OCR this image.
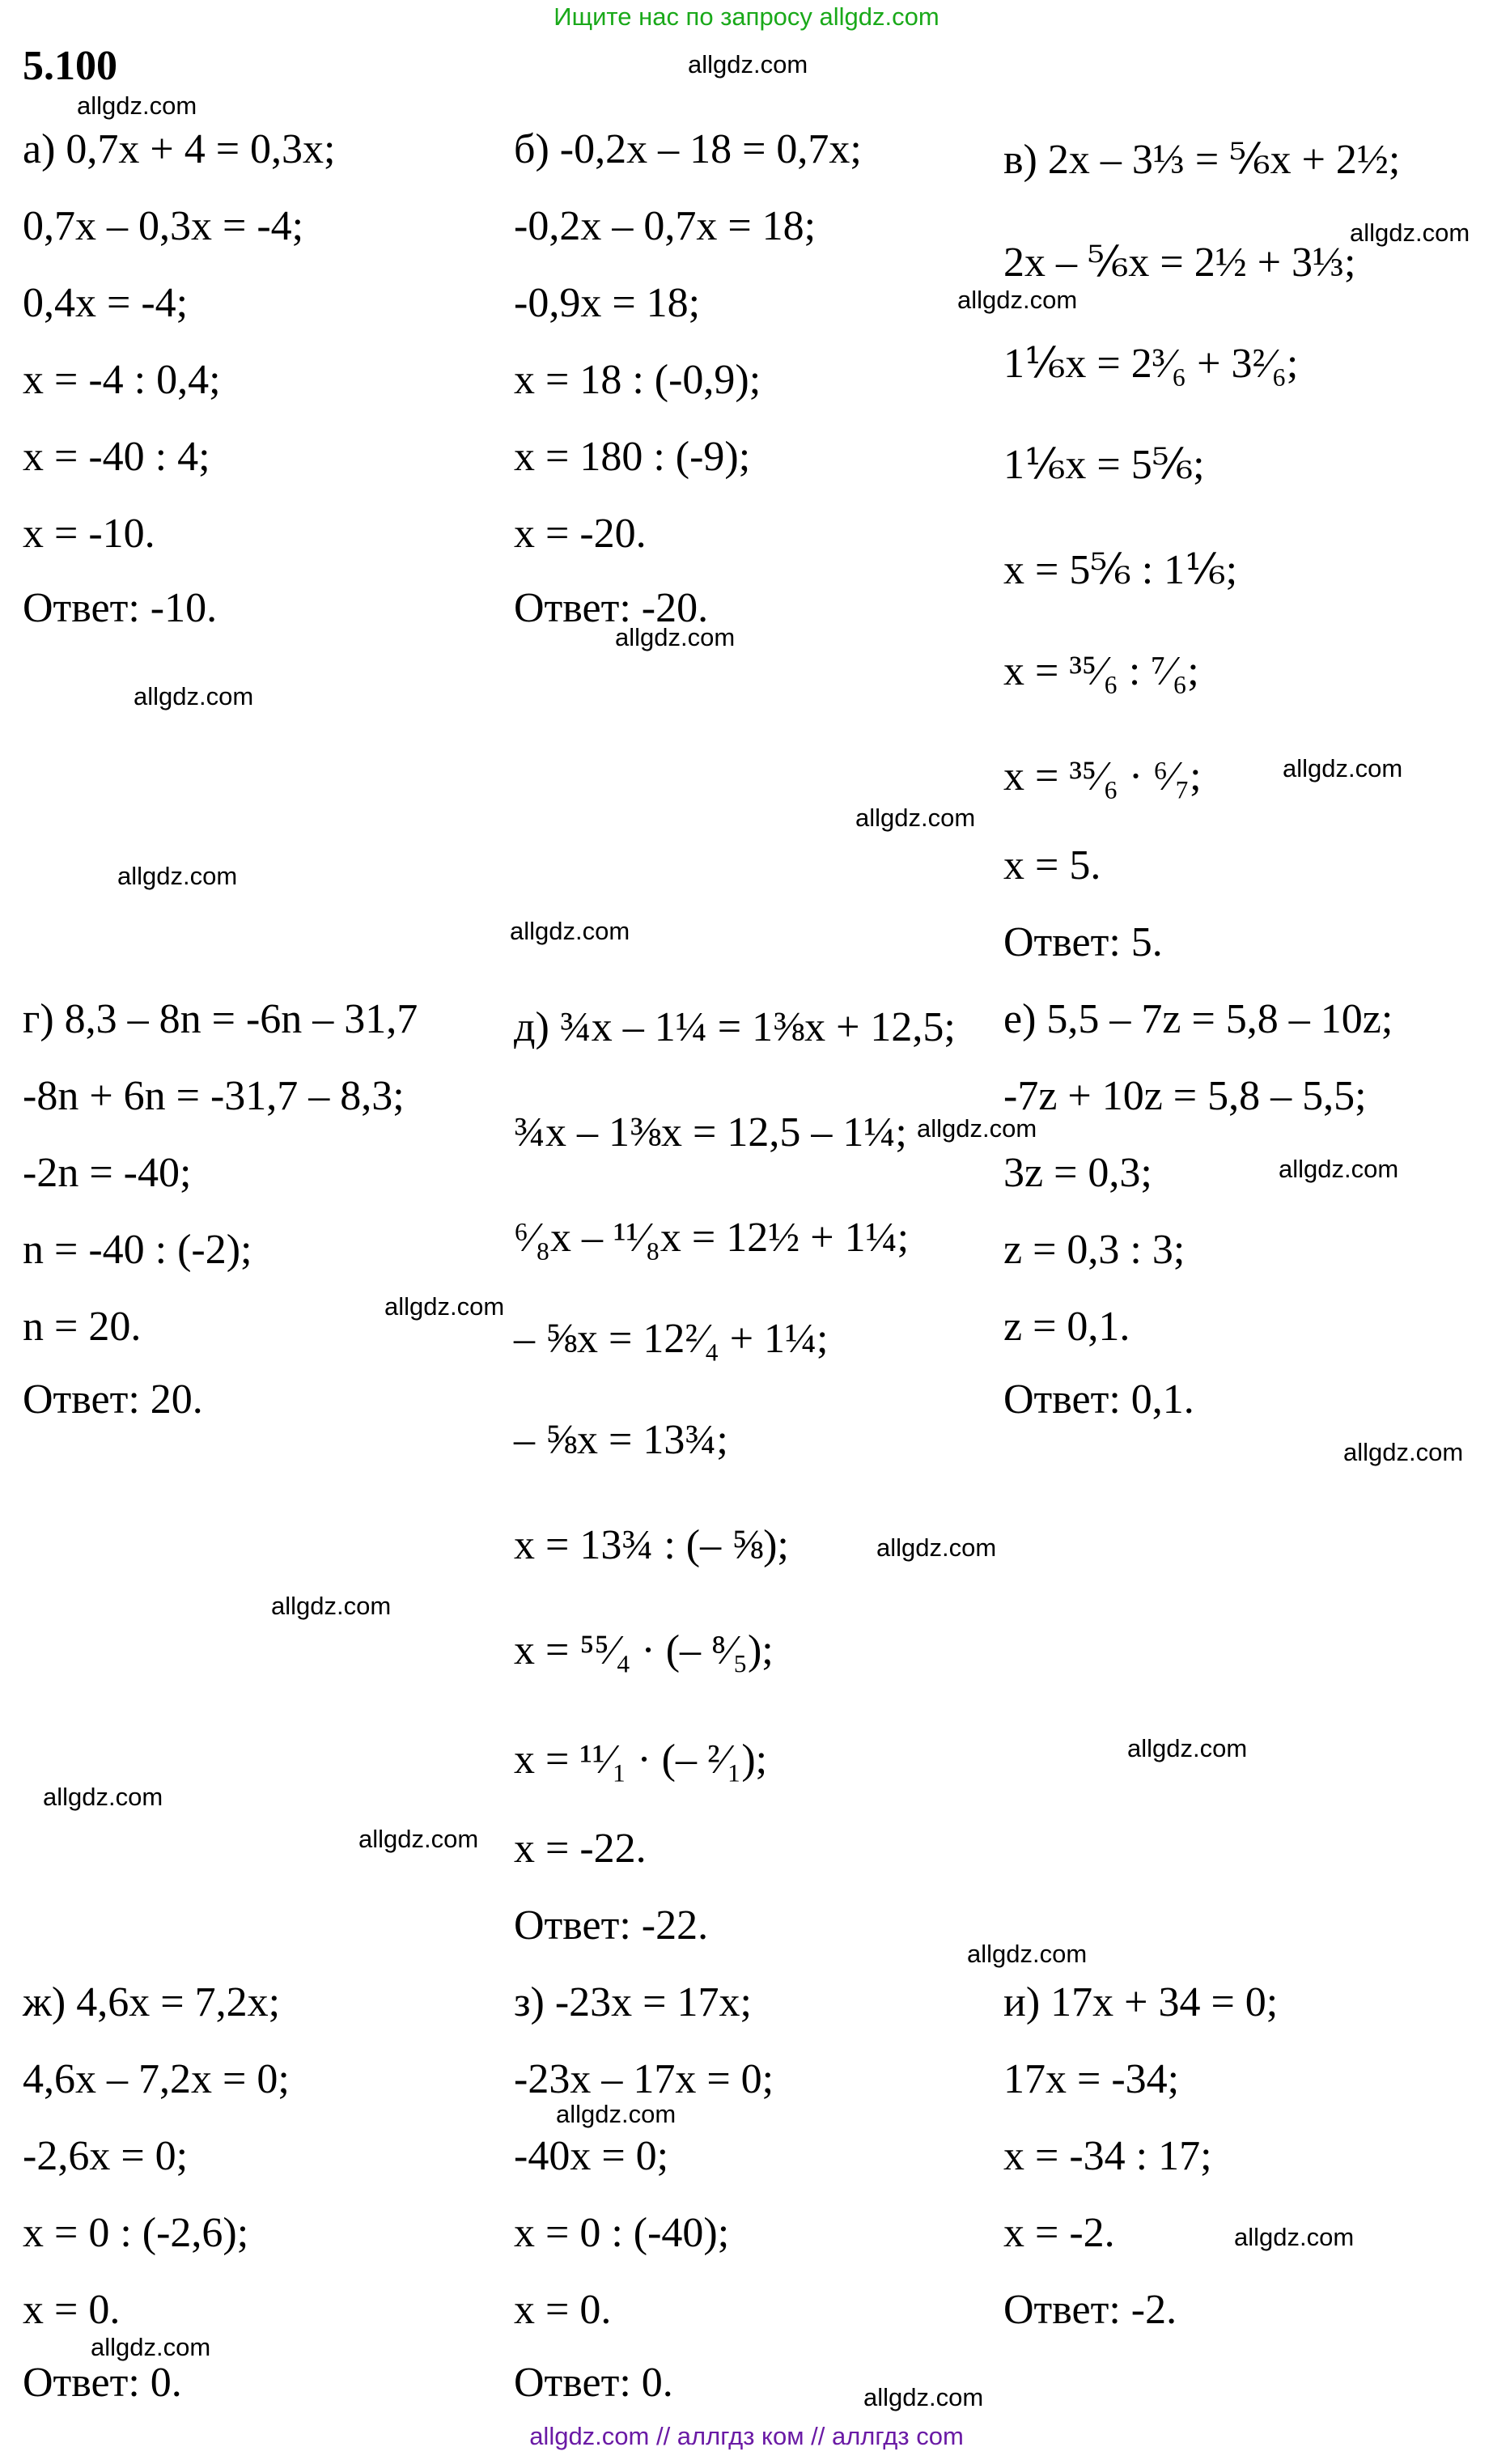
Ищите нас по запросу allgdz.com
5.100
а) 0,7x + 4 = 0,3x;
0,7x – 0,3x = -4;
0,4x = -4;
x = -4 : 0,4;
x = -40 : 4;
x = -10.
Ответ: -10.
б) -0,2x – 18 = 0,7x;
-0,2x – 0,7x = 18;
-0,9x = 18;
x = 18 : (-0,9);
x = 180 : (-9);
x = -20.
Ответ: -20.
в) 2x – 3⅓ = ⅚x + 2½;
2x – ⅚x = 2½ + 3⅓;
1⅙x = 2³⁄₆ + 3²⁄₆;
1⅙x = 5⅚;
x = 5⅚ : 1⅙;
x = ³⁵⁄₆ : ⁷⁄₆;
x = ³⁵⁄₆ · ⁶⁄₇;
x = 5.
Ответ: 5.
г) 8,3 – 8n = -6n – 31,7
-8n + 6n = -31,7 – 8,3;
-2n = -40;
n = -40 : (-2);
n = 20.
Ответ: 20.
д) ¾x – 1¼ = 1⅜x + 12,5;
¾x – 1⅜x = 12,5 – 1¼;
⁶⁄₈x – ¹¹⁄₈x = 12½ + 1¼;
– ⅝x = 12²⁄₄ + 1¼;
– ⅝x = 13¾;
x = 13¾ : (– ⅝);
x = ⁵⁵⁄₄ · (– ⁸⁄₅);
x = ¹¹⁄₁ · (– ²⁄₁);
x = -22.
Ответ: -22.
е) 5,5 – 7z = 5,8 – 10z;
-7z + 10z = 5,8 – 5,5;
3z = 0,3;
z = 0,3 : 3;
z = 0,1.
Ответ: 0,1.
ж) 4,6x = 7,2x;
4,6x – 7,2x = 0;
-2,6x = 0;
x = 0 : (-2,6);
x = 0.
Ответ: 0.
з) -23x = 17x;
-23x – 17x = 0;
-40x = 0;
x = 0 : (-40);
x = 0.
Ответ: 0.
и) 17x + 34 = 0;
17x = -34;
x = -34 : 17;
x = -2.
Ответ: -2.
allgdz.com
allgdz.com
allgdz.com
allgdz.com
allgdz.com
allgdz.com
allgdz.com
allgdz.com
allgdz.com
allgdz.com
allgdz.com
allgdz.com
allgdz.com
allgdz.com
allgdz.com
allgdz.com
allgdz.com
allgdz.com
allgdz.com
allgdz.com
allgdz.com
allgdz.com
allgdz.com
allgdz.com
allgdz.com // аллгдз ком // аллгдз com
